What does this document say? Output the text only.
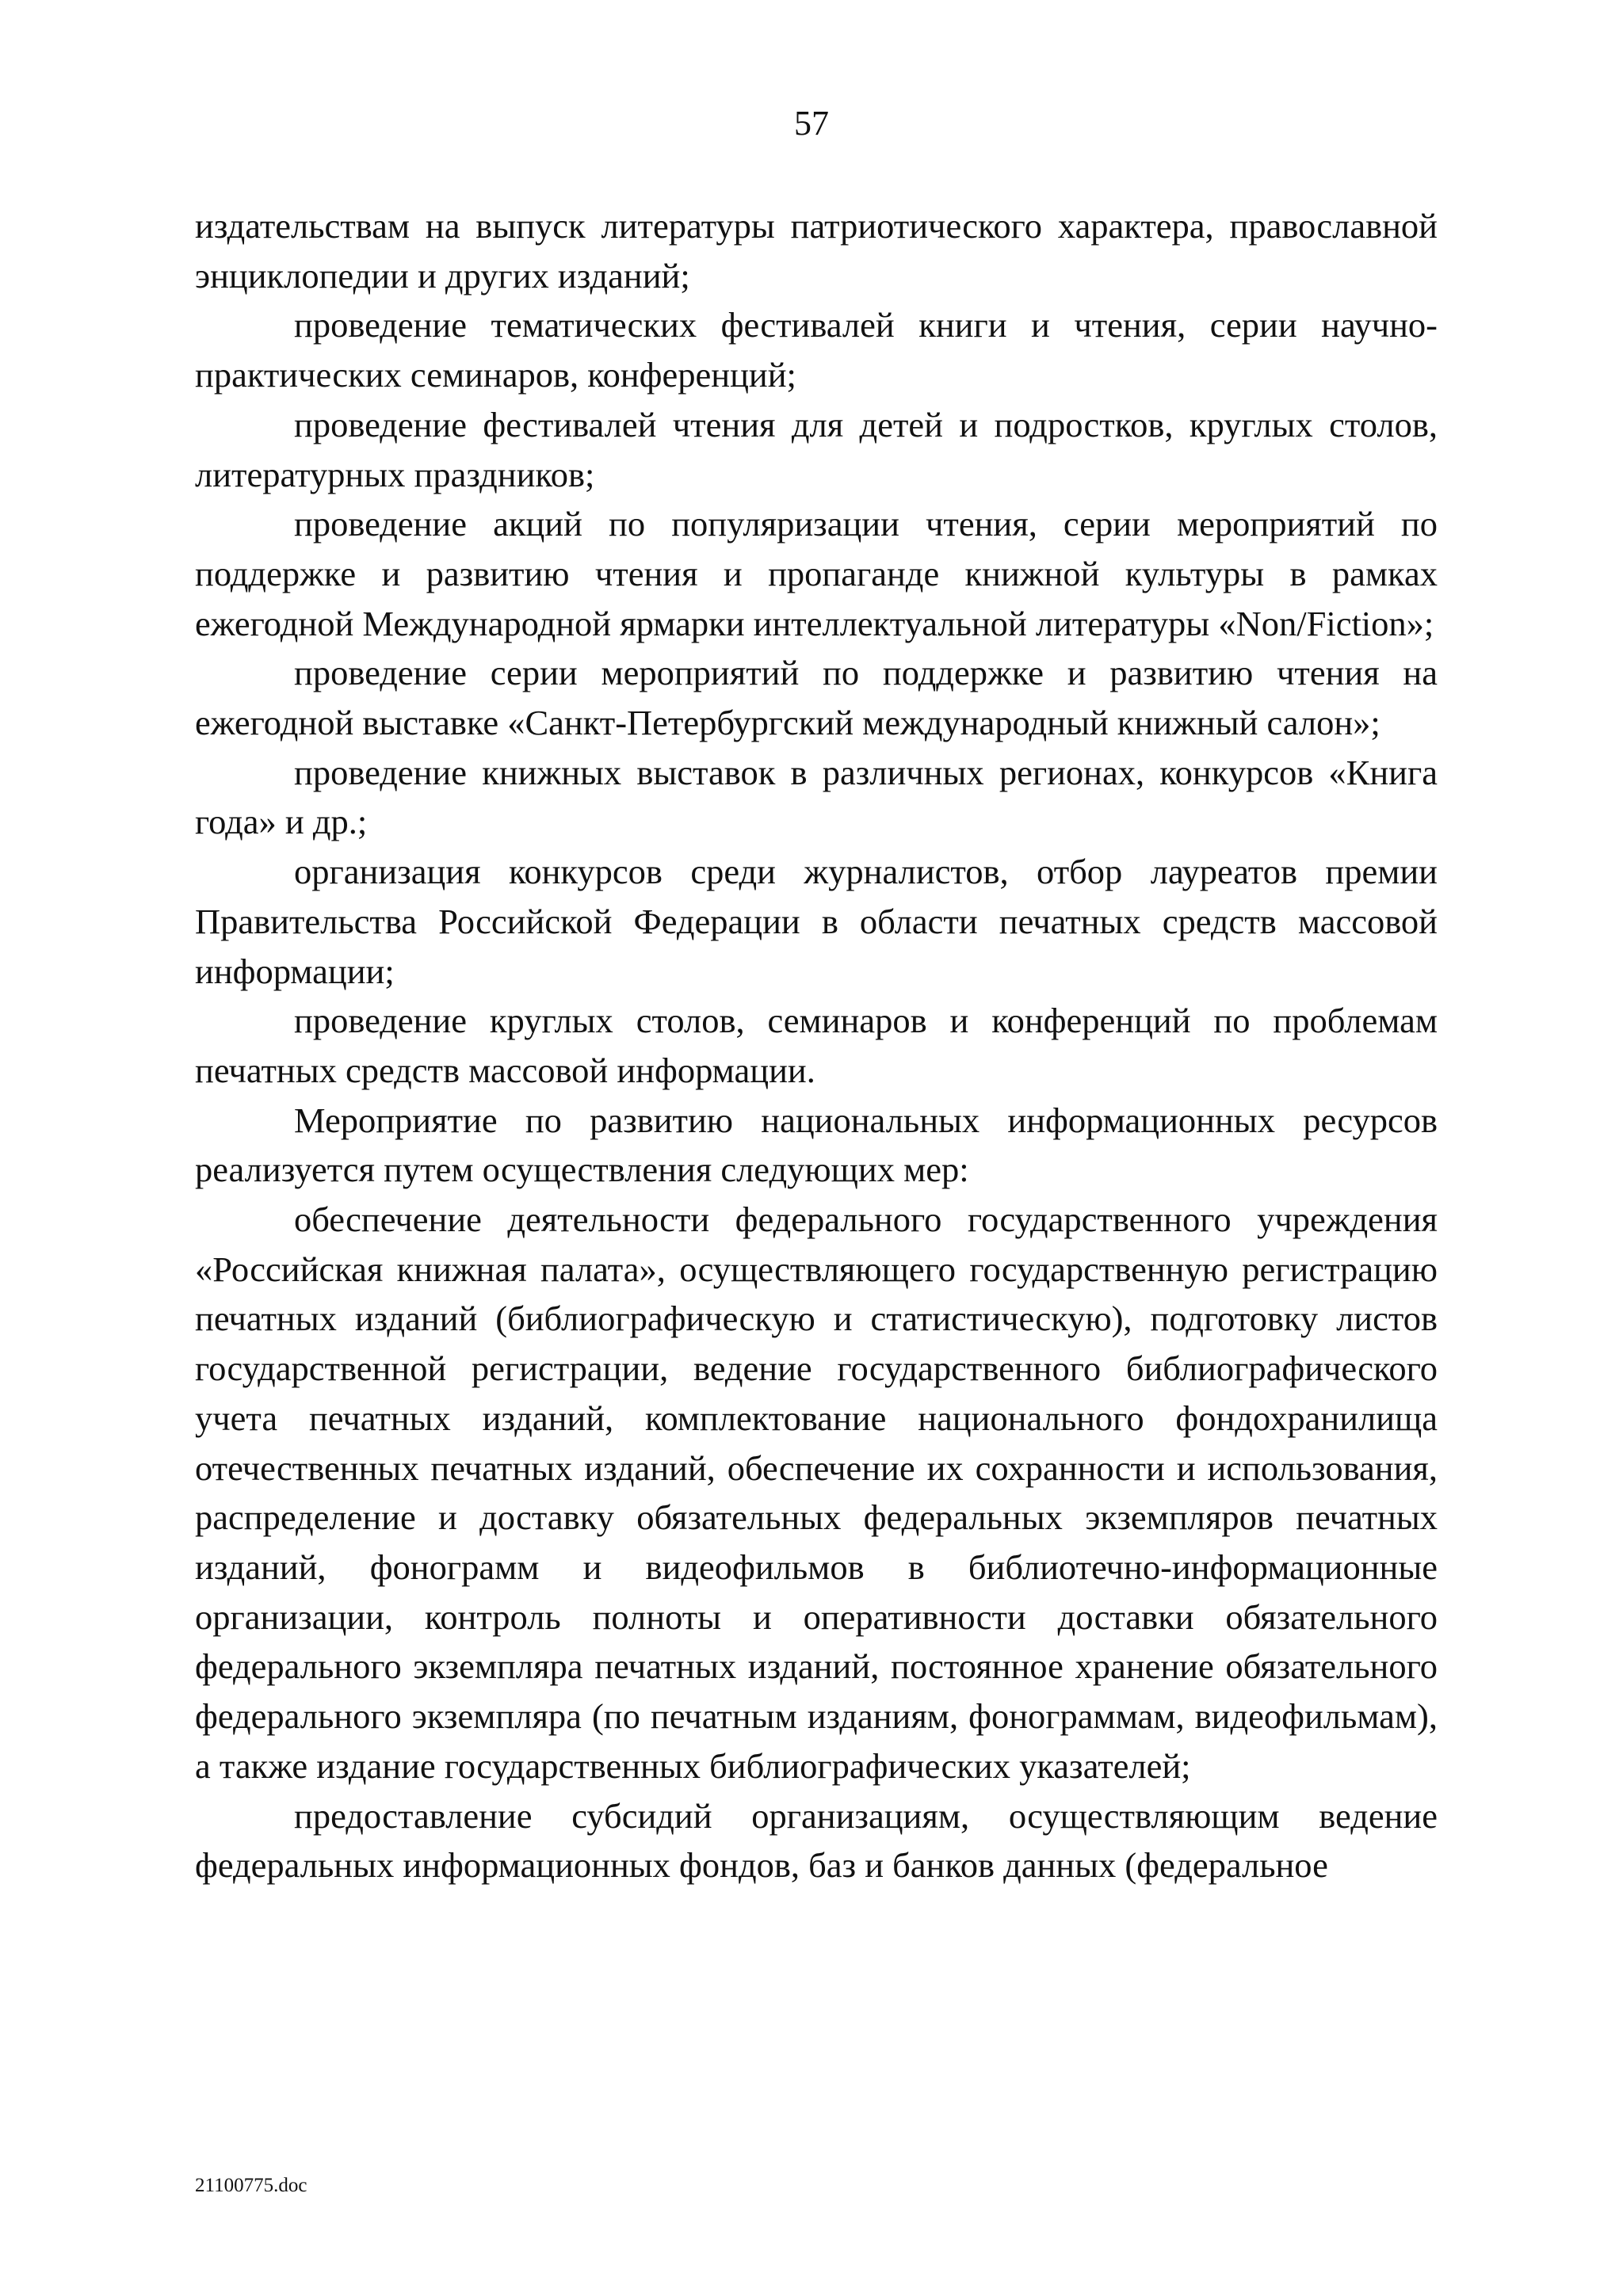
57

издательствам на выпуск литературы патриотического характера, православной энциклопедии и других изданий;

проведение тематических фестивалей книги и чтения, серии научно-практических семинаров, конференций;

проведение фестивалей чтения для детей и подростков, круглых столов, литературных праздников;

проведение акций по популяризации чтения, серии мероприятий по поддержке и развитию чтения и пропаганде книжной культуры в рамках ежегодной Международной ярмарки интеллектуальной литературы «Non/Fiction»;

проведение серии мероприятий по поддержке и развитию чтения на ежегодной выставке «Санкт-Петербургский международный книжный салон»;

проведение книжных выставок в различных регионах, конкурсов «Книга года» и др.;

организация конкурсов среди журналистов, отбор лауреатов премии Правительства Российской Федерации в области печатных средств массовой информации;

проведение круглых столов, семинаров и конференций по проблемам печатных средств массовой информации.

Мероприятие по развитию национальных информационных ресурсов реализуется путем осуществления следующих мер:

обеспечение деятельности федерального государственного учреждения «Российская книжная палата», осуществляющего государственную регистрацию печатных изданий (библиографическую и статистическую), подготовку листов государственной регистрации, ведение государственного библиографического учета печатных изданий, комплектование национального фондохранилища отечественных печатных изданий, обеспечение их сохранности и использования, распределение и доставку обязательных федеральных экземпляров печатных изданий, фонограмм и видеофильмов в библиотечно-информационные организации, контроль полноты и оперативности доставки обязательного федерального экземпляра печатных изданий, постоянное хранение обязательного федерального экземпляра (по печатным изданиям, фонограммам, видеофильмам), а также издание государственных библиографических указателей;

предоставление субсидий организациям, осуществляющим ведение федеральных информационных фондов, баз и банков данных (федеральное

21100775.doc
